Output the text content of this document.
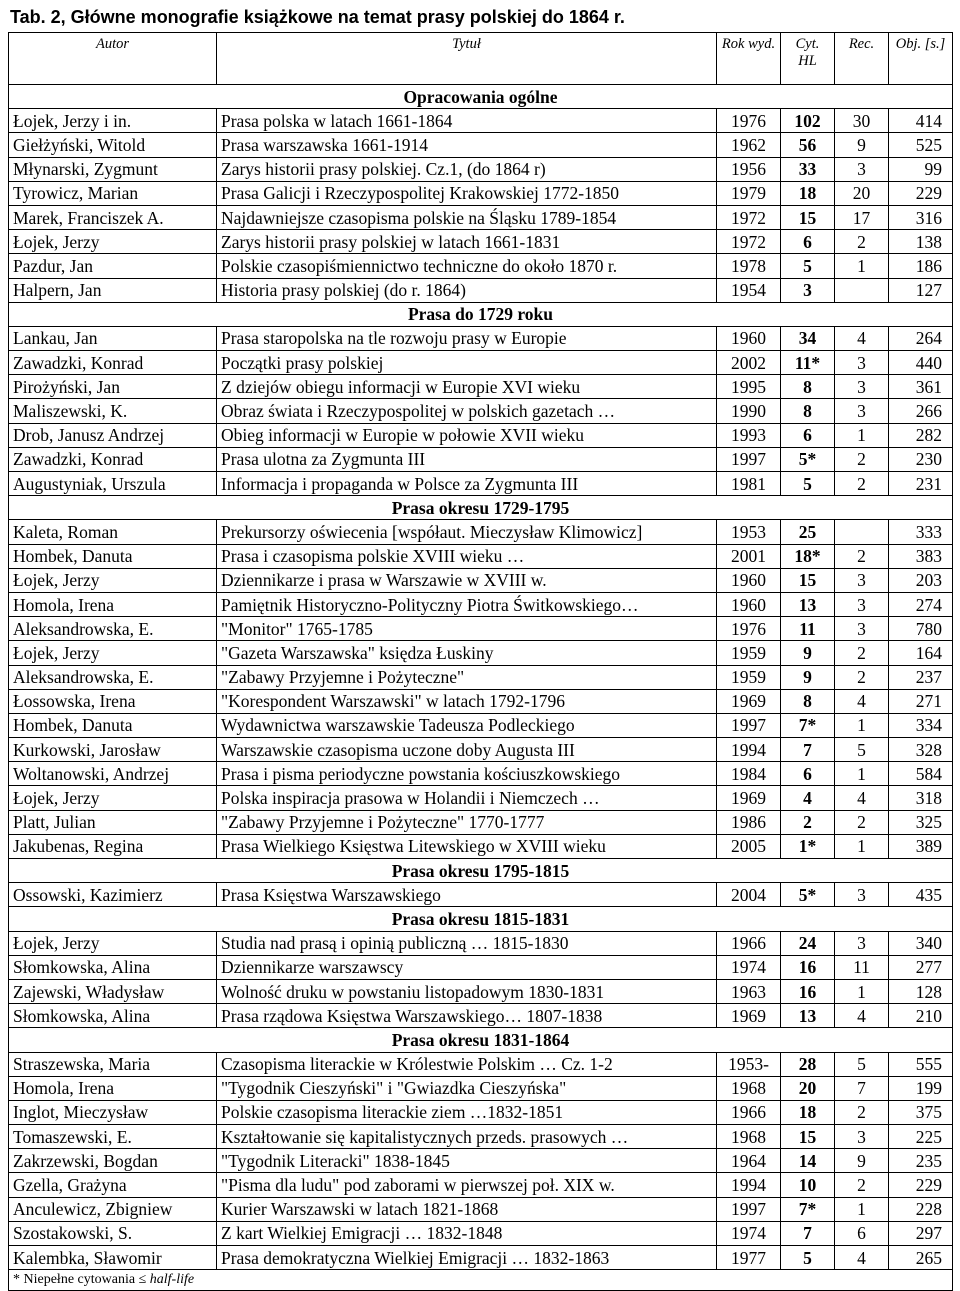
Tab. 2, Główne monografie książkowe na temat prasy polskiej do 1864 r.
Autor	Tytuł	Rok wyd.	Cyt. HL	Rec.	Obj. [s.]
Opracowania ogólne					
Łojek, Jerzy i in.	Prasa polska w latach 1661-1864	1976	102	30	414
Giełżyński, Witold	Prasa warszawska 1661-1914	1962	56	9	525
Młynarski, Zygmunt	Zarys historii prasy polskiej. Cz.1, (do 1864 r)	1956	33	3	99
Tyrowicz, Marian	Prasa Galicji i Rzeczypospolitej Krakowskiej 1772-1850	1979	18	20	229
Marek, Franciszek A.	Najdawniejsze czasopisma polskie na Śląsku 1789-1854	1972	15	17	316
Łojek, Jerzy	Zarys historii prasy polskiej w latach 1661-1831	1972	6	2	138
Pazdur, Jan	Polskie czasopiśmiennictwo techniczne do około 1870 r.	1978	5	1	186
Halpern, Jan	Historia prasy polskiej (do r. 1864)	1954	3		127
Prasa do 1729 roku					
Lankau, Jan	Prasa staropolska na tle rozwoju prasy w Europie	1960	34	4	264
Zawadzki, Konrad	Początki prasy polskiej	2002	11*	3	440
Pirożyński, Jan	Z dziejów obiegu informacji w Europie XVI wieku	1995	8	3	361
Maliszewski, K.	Obraz świata i Rzeczypospolitej w polskich gazetach …	1990	8	3	266
Drob, Janusz Andrzej	Obieg informacji w Europie w połowie XVII wieku	1993	6	1	282
Zawadzki, Konrad	Prasa ulotna za Zygmunta III	1997	5*	2	230
Augustyniak, Urszula	Informacja i propaganda w Polsce za Zygmunta III	1981	5	2	231
Prasa okresu 1729-1795					
Kaleta, Roman	Prekursorzy oświecenia [współaut. Mieczysław Klimowicz]	1953	25		333
Hombek, Danuta	Prasa i czasopisma polskie XVIII wieku …	2001	18*	2	383
Łojek, Jerzy	Dziennikarze i prasa w Warszawie w XVIII w.	1960	15	3	203
Homola, Irena	Pamiętnik Historyczno-Polityczny Piotra Świtkowskiego…	1960	13	3	274
Aleksandrowska, E.	"Monitor" 1765-1785	1976	11	3	780
Łojek, Jerzy	"Gazeta Warszawska" księdza Łuskiny	1959	9	2	164
Aleksandrowska, E.	"Zabawy Przyjemne i Pożyteczne"	1959	9	2	237
Łossowska, Irena	"Korespondent Warszawski" w latach 1792-1796	1969	8	4	271
Hombek, Danuta	Wydawnictwa warszawskie Tadeusza Podleckiego	1997	7*	1	334
Kurkowski, Jarosław	Warszawskie czasopisma uczone doby Augusta III	1994	7	5	328
Woltanowski, Andrzej	Prasa i pisma periodyczne powstania kościuszkowskiego	1984	6	1	584
Łojek, Jerzy	Polska inspiracja prasowa w Holandii i Niemczech …	1969	4	4	318
Platt, Julian	"Zabawy Przyjemne i Pożyteczne" 1770-1777	1986	2	2	325
Jakubenas, Regina	Prasa Wielkiego Księstwa Litewskiego w XVIII wieku	2005	1*	1	389
Prasa okresu 1795-1815					
Ossowski, Kazimierz	Prasa Księstwa Warszawskiego	2004	5*	3	435
Prasa okresu 1815-1831					
Łojek, Jerzy	Studia nad prasą i opinią publiczną … 1815-1830	1966	24	3	340
Słomkowska, Alina	Dziennikarze warszawscy	1974	16	11	277
Zajewski, Władysław	Wolność druku w powstaniu listopadowym 1830-1831	1963	16	1	128
Słomkowska, Alina	Prasa rządowa Księstwa Warszawskiego… 1807-1838	1969	13	4	210
Prasa okresu 1831-1864					
Straszewska, Maria	Czasopisma literackie w Królestwie Polskim … Cz. 1-2	1953-	28	5	555
Homola, Irena	"Tygodnik Cieszyński" i "Gwiazdka Cieszyńska"	1968	20	7	199
Inglot, Mieczysław	Polskie czasopisma literackie ziem …1832-1851	1966	18	2	375
Tomaszewski, E.	Kształtowanie się kapitalistycznych przeds. prasowych …	1968	15	3	225
Zakrzewski, Bogdan	"Tygodnik Literacki" 1838-1845	1964	14	9	235
Gzella, Grażyna	"Pisma dla ludu" pod zaborami w pierwszej poł. XIX w.	1994	10	2	229
Anculewicz, Zbigniew	Kurier Warszawski w latach 1821-1868	1997	7*	1	228
Szostakowski, S.	Z kart Wielkiej Emigracji … 1832-1848	1974	7	6	297
Kalembka, Sławomir	Prasa demokratyczna Wielkiej Emigracji … 1832-1863	1977	5	4	265
* Niepełne cytowania ≤ half-life					
